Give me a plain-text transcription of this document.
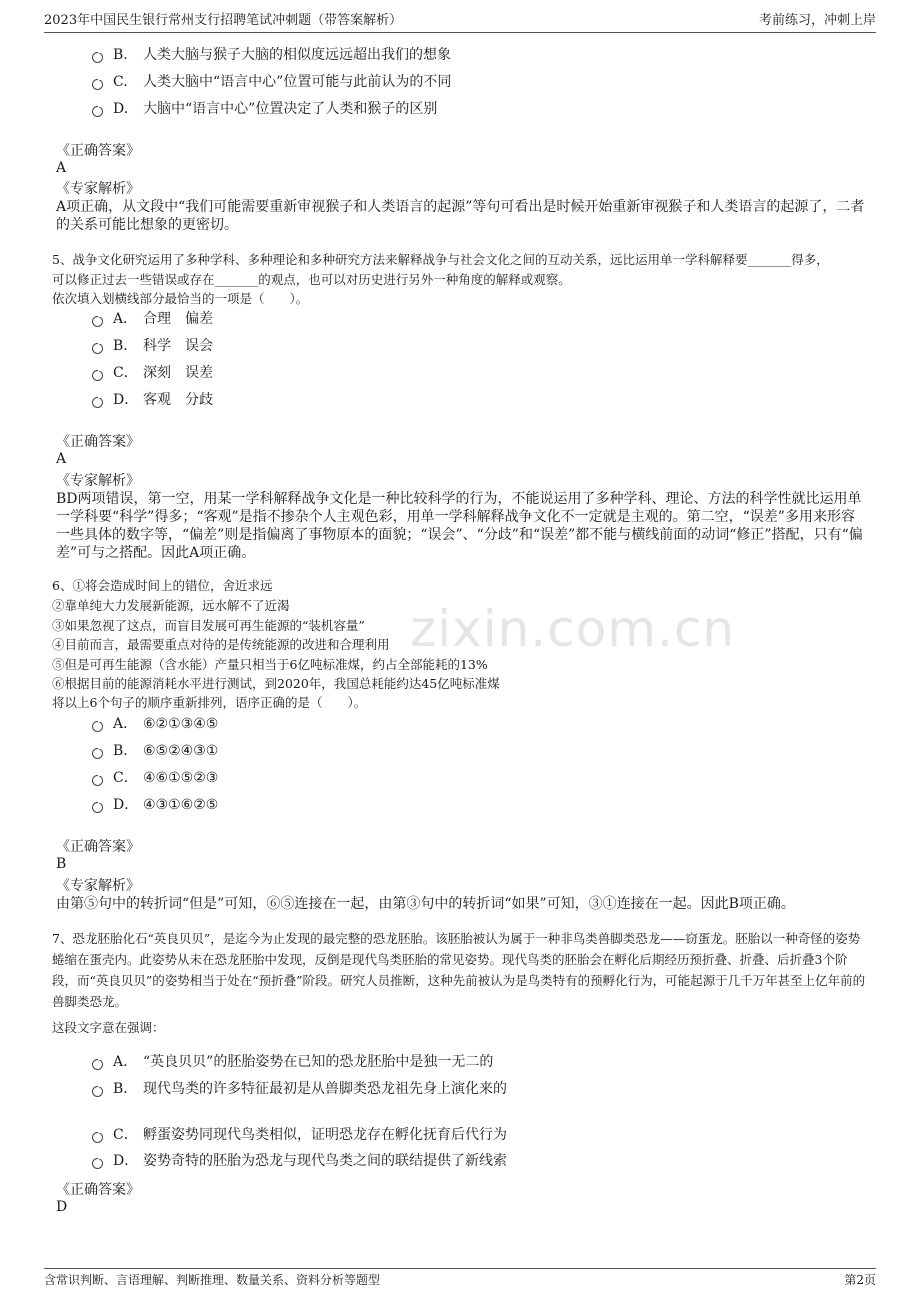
2023年中国民生银行常州支行招聘笔试冲刺题（带答案解析）	考前练习，冲刺上岸
zixin.com.cn
B. 人类大脑与猴子大脑的相似度远远超出我们的想象
C. 人类大脑中“语言中心”位置可能与此前认为的不同
D. 大脑中“语言中心”位置决定了人类和猴子的区别
《正确答案》
A
《专家解析》
A项正确，从文段中“我们可能需要重新审视猴子和人类语言的起源”等句可看出是时候开始重新审视猴子和人类语言的起源了，二者的关系可能比想象的更密切。
5、战争文化研究运用了多种学科、多种理论和多种研究方法来解释战争与社会文化之间的互动关系，远比运用单一学科解释要_______得多，
可以修正过去一些错误或存在_______的观点，也可以对历史进行另外一种角度的解释或观察。
依次填入划横线部分最恰当的一项是（　　）。
A． 合理　偏差
B． 科学　误会
C． 深刻　误差
D． 客观　分歧
《正确答案》
A
《专家解析》
BD两项错误，第一空，用某一学科解释战争文化是一种比较科学的行为，不能说运用了多种学科、理论、方法的科学性就比运用单一学科要“科学”得多；“客观”是指不掺杂个人主观色彩，用单一学科解释战争文化不一定就是主观的。第二空，“误差”多用来形容一些具体的数字等，“偏差”则是指偏离了事物原本的面貌；“误会”、“分歧”和“误差”都不能与横线前面的动词“修正”搭配，只有“偏差”可与之搭配。因此A项正确。
6、①将会造成时间上的错位，舍近求远
②靠单纯大力发展新能源，远水解不了近渴
③如果忽视了这点，而盲目发展可再生能源的“装机容量”
④目前而言，最需要重点对待的是传统能源的改进和合理利用
⑤但是可再生能源（含水能）产量只相当于6亿吨标准煤，约占全部能耗的13%
⑥根据目前的能源消耗水平进行测试，到2020年，我国总耗能约达45亿吨标准煤
将以上6个句子的顺序重新排列，语序正确的是（　　）。
A． ⑥②①③④⑤
B． ⑥⑤②④③①
C． ④⑥①⑤②③
D． ④③①⑥②⑤
《正确答案》
B
《专家解析》
由第⑤句中的转折词“但是”可知，⑥⑤连接在一起，由第③句中的转折词“如果”可知，③①连接在一起。因此B项正确。
7、恐龙胚胎化石“英良贝贝”，是迄今为止发现的最完整的恐龙胚胎。该胚胎被认为属于一种非鸟类兽脚类恐龙——窃蛋龙。胚胎以一种奇怪的姿势蜷缩在蛋壳内。此姿势从未在恐龙胚胎中发现，反倒是现代鸟类胚胎的常见姿势。现代鸟类的胚胎会在孵化后期经历预折叠、折叠、后折叠3个阶段，而“英良贝贝”的姿势相当于处在“预折叠”阶段。研究人员推断，这种先前被认为是鸟类特有的预孵化行为，可能起源于几千万年甚至上亿年前的兽脚类恐龙。
这段文字意在强调：
A． “英良贝贝”的胚胎姿势在已知的恐龙胚胎中是独一无二的
B． 现代鸟类的许多特征最初是从兽脚类恐龙祖先身上演化来的
C． 孵蛋姿势同现代鸟类相似，证明恐龙存在孵化抚育后代行为
D． 姿势奇特的胚胎为恐龙与现代鸟类之间的联结提供了新线索
《正确答案》
D
含常识判断、言语理解、判断推理、数量关系、资料分析等题型	第2页
